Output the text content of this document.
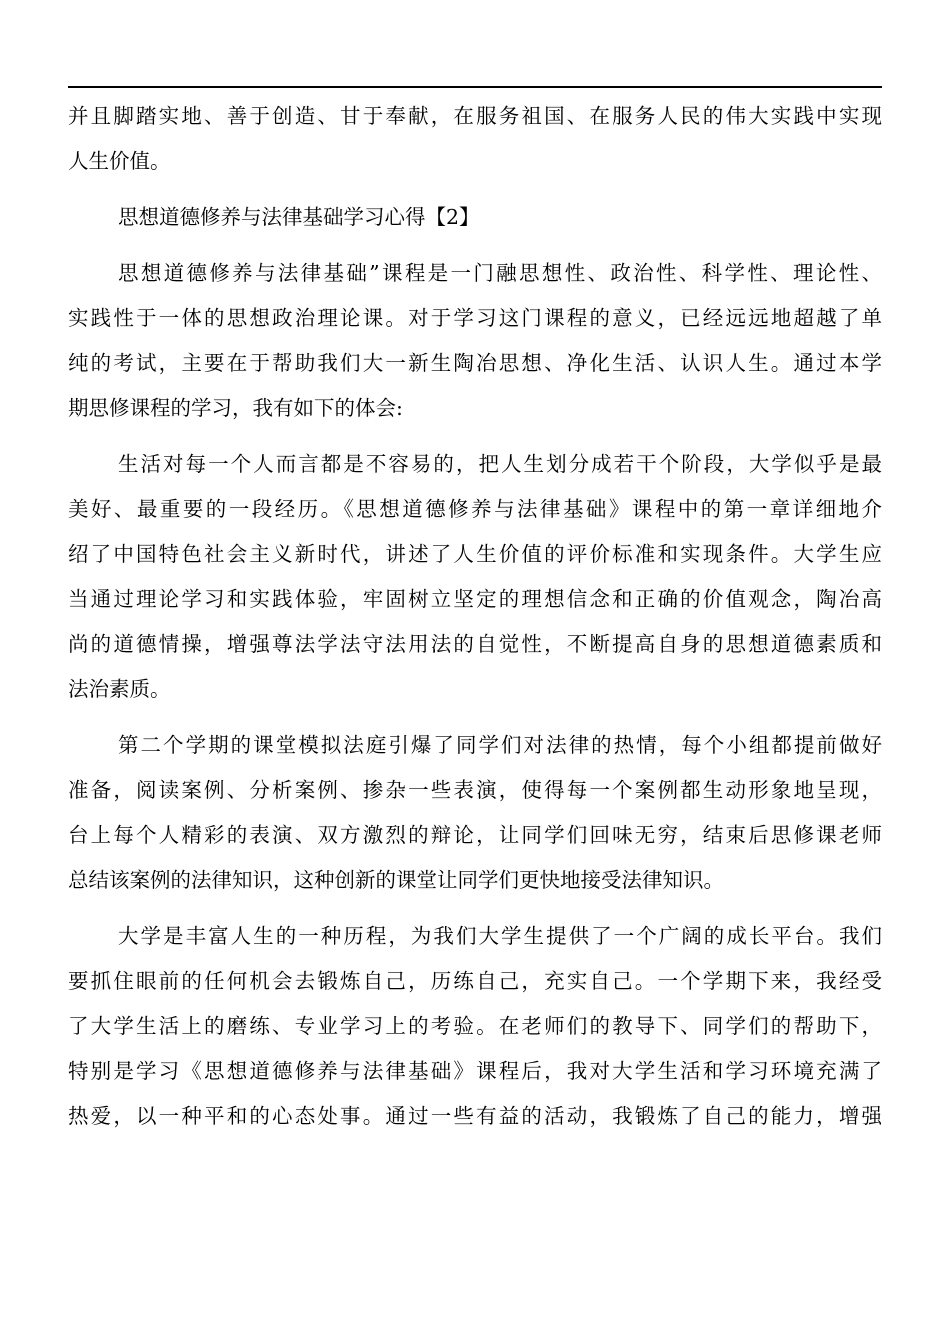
并且脚踏实地、善于创造、甘于奉献，在服务祖国、在服务人民的伟大实践中实现
人生价值。
思想道德修养与法律基础学习心得【2】
思想道德修养与法律基础”课程是一门融思想性、政治性、科学性、理论性、
实践性于一体的思想政治理论课。对于学习这门课程的意义，已经远远地超越了单
纯的考试，主要在于帮助我们大一新生陶冶思想、净化生活、认识人生。通过本学
期思修课程的学习，我有如下的体会:
生活对每一个人而言都是不容易的，把人生划分成若干个阶段，大学似乎是最
美好、最重要的一段经历。《思想道德修养与法律基础》课程中的第一章详细地介
绍了中国特色社会主义新时代，讲述了人生价值的评价标准和实现条件。大学生应
当通过理论学习和实践体验，牢固树立坚定的理想信念和正确的价值观念，陶冶高
尚的道德情操，增强尊法学法守法用法的自觉性，不断提高自身的思想道德素质和
法治素质。
第二个学期的课堂模拟法庭引爆了同学们对法律的热情，每个小组都提前做好
准备，阅读案例、分析案例、掺杂一些表演，使得每一个案例都生动形象地呈现，
台上每个人精彩的表演、双方激烈的辩论，让同学们回味无穷，结束后思修课老师
总结该案例的法律知识，这种创新的课堂让同学们更快地接受法律知识。
大学是丰富人生的一种历程，为我们大学生提供了一个广阔的成长平台。我们
要抓住眼前的任何机会去锻炼自己，历练自己，充实自己。一个学期下来，我经受
了大学生活上的磨练、专业学习上的考验。在老师们的教导下、同学们的帮助下，
特别是学习《思想道德修养与法律基础》课程后，我对大学生活和学习环境充满了
热爱，以一种平和的心态处事。通过一些有益的活动，我锻炼了自己的能力，增强
